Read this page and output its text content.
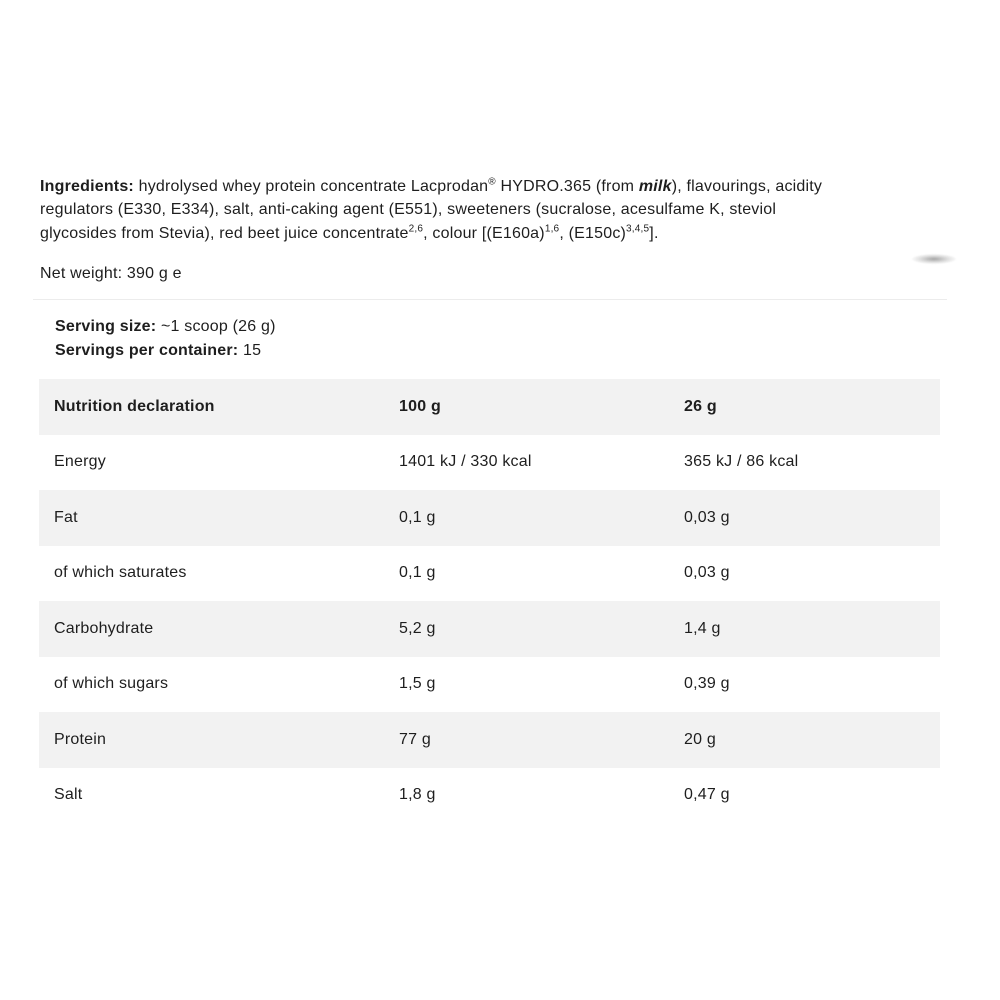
Ingredients: hydrolysed whey protein concentrate Lacprodan® HYDRO.365 (from milk), flavourings, acidity
regulators (E330, E334), salt, anti-caking agent (E551), sweeteners (sucralose, acesulfame K, steviol
glycosides from Stevia), red beet juice concentrate$^{2,6}$, colour [$(E160a)^{1,6}$, $(E150c)^{3,4,5}$].

Net weight: 390 g e
Serving size: ~1 scoop (26 g)
Servings per container: 15
Nutrition declaration	100 g	26 g
Energy	1401 kJ / 330 kcal	365 kJ / 86 kcal
Fat	0,1 g	0,03 g
of which saturates	0,1 g	0,03 g
Carbohydrate	5,2 g	1,4 g
of which sugars	1,5 g	0,39 g
Protein	77 g	20 g
Salt	1,8 g	0,47 g
